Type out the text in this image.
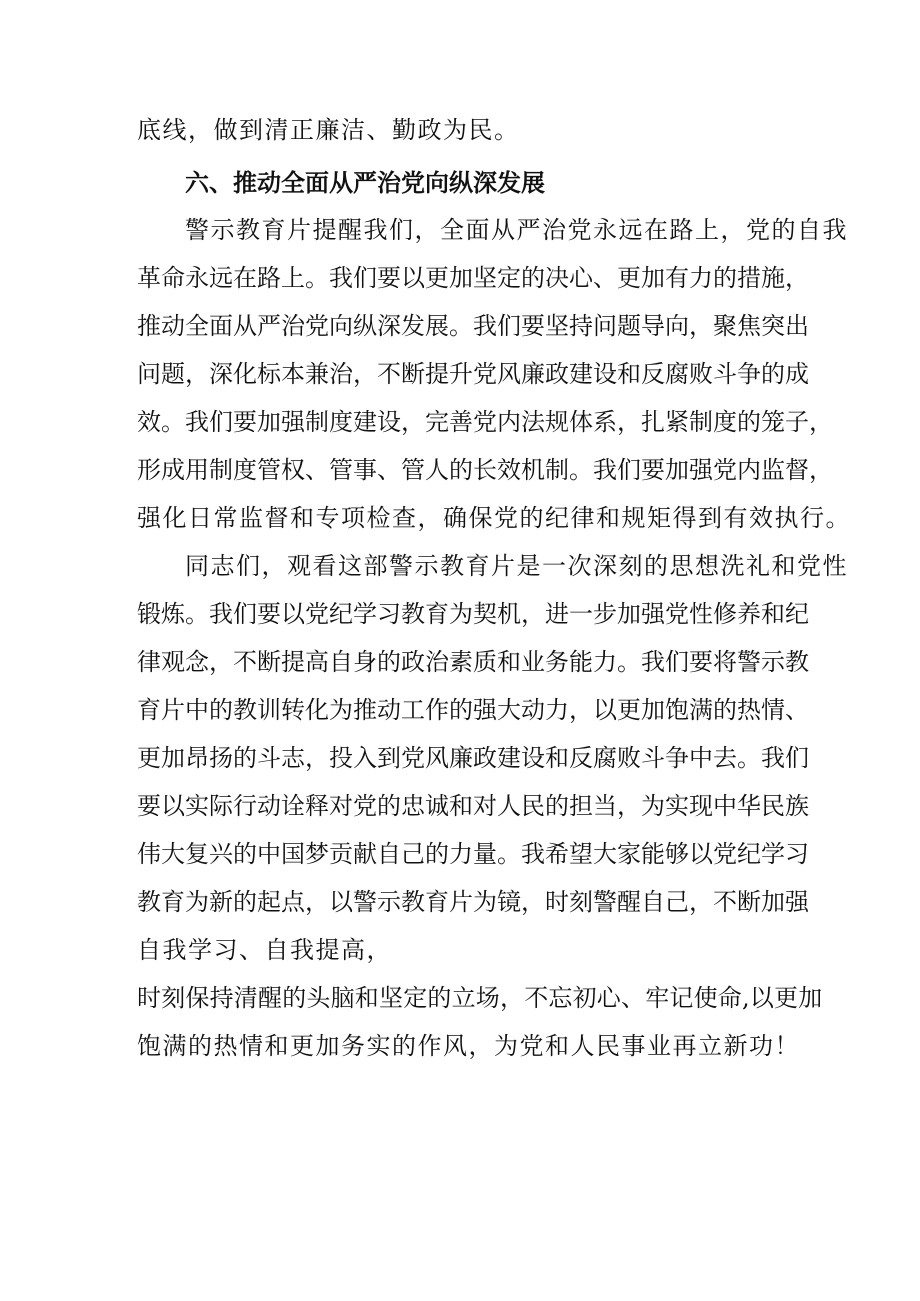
底线，做到清正廉洁、勤政为民。
六、推动全面从严治党向纵深发展
警示教育片提醒我们，全面从严治党永远在路上，党的自我
革命永远在路上。我们要以更加坚定的决心、更加有力的措施，
推动全面从严治党向纵深发展。我们要坚持问题导向，聚焦突出
问题，深化标本兼治，不断提升党风廉政建设和反腐败斗争的成
效。我们要加强制度建设，完善党内法规体系，扎紧制度的笼子，
形成用制度管权、管事、管人的长效机制。我们要加强党内监督，
强化日常监督和专项检查，确保党的纪律和规矩得到有效执行。
同志们，观看这部警示教育片是一次深刻的思想洗礼和党性
锻炼。我们要以党纪学习教育为契机，进一步加强党性修养和纪
律观念，不断提高自身的政治素质和业务能力。我们要将警示教
育片中的教训转化为推动工作的强大动力，以更加饱满的热情、
更加昂扬的斗志，投入到党风廉政建设和反腐败斗争中去。我们
要以实际行动诠释对党的忠诚和对人民的担当，为实现中华民族
伟大复兴的中国梦贡献自己的力量。我希望大家能够以党纪学习
教育为新的起点，以警示教育片为镜，时刻警醒自己，不断加强
自我学习、自我提高，
时刻保持清醒的头脑和坚定的立场，不忘初心、牢记使命,以更加
饱满的热情和更加务实的作风，为党和人民事业再立新功！
